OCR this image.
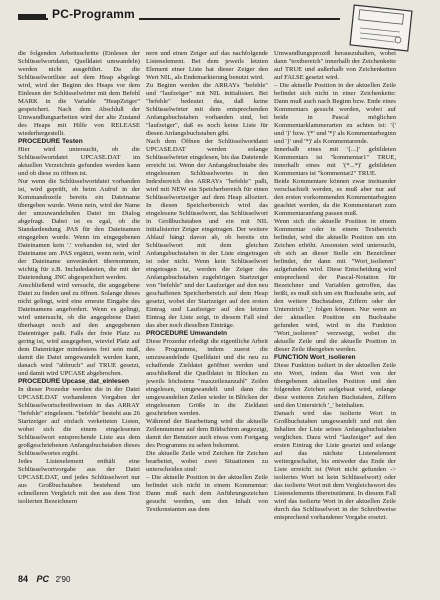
PC-Programm

die folgenden Arbeitsschritte (Einlesen der Schlüsselwortdatei, Quelldatei umwandeln) werden nicht ausgeführt. Da die Schlüsselwortliste auf dem Heap abgelegt wird, wird der Beginn des Heaps vor dem Einlesen der Schlüsselwörter mit dem Befehl MARK in die Variable "HeapZeiger" gespeichert. Nach dem Abschluß der Umwandlungsarbeiten wird der alte Zustand des Heaps mit Hilfe von RELEASE wiederhergestellt.

PROCEDURE Testen

Hier wird untersucht, ob die Schlüsselwortdatei UPCASE.DAT im aktuellen Verzeichnis gefunden werden kann und ob diese zu öffnen ist.

Nur wenn die Schlüsselwortdatei vorhanden ist, wird geprüft, ob beim Aufruf in der Kommandozeile bereits ein Dateiname übergeben wurde. Wenn nein, wird der Name der umzuwandelnden Datei im Dialog abgefragt. Dabei ist es egal, ob die Standardendung .PAS für den Dateinamen eingegeben wurde. Wenn im eingegebenen Dateinamen kein '.' vorhanden ist, wird der Dateiname um .PAS ergänzt, wenn nein, wird der Dateiname unverändert übernommen, wichtig für z.B. Includedateien, die mit der Dateiendung .INC abgespeichert werden.

Anschließend wird versucht, die angegebene Datei zu finden und zu öffnen. Solange dieses nicht gelingt, wird eine erneute Eingabe des Dateinamens angefordert. Wenn es gelingt, wird untersucht, ob die angegebene Datei überhaupt noch auf den angegebenen Datenträger paßt. Falls der freie Platz zu gering ist, wird ausgegeben, wieviel Platz auf dem Datenträger mindestens frei sein muß, damit die Datei umgewandelt werden kann, danach wird "abbruch" auf TRUE gesetzt, und damit wird UPCASE abgebrochen.

PROCEDURE Upcase_dat_einlesen

In dieser Prozedur werden die in der Datei UPCASE.DAT vorhandenen Vorgaben der Schlüsselwortschreibweisen in das ARRAY "befehle" eingelesen. "befehle" besteht aus 26 Startzeiger auf einfach verketteten Listen, wobei sich die einem eingelesenen Schlüsselwort entsprechende Liste aus dem großgeschriebenen Anfangsbuchstaben dieses Schlüsselwortes ergibt.

Jedes Listenelement enthält eine Schlüsselwortvorgabe aus der Datei UPCASE.DAT, und jedes Schlüsselwort nur aus Großbuchstaben bestehend um schnelleren Vergleich mit den aus dem Text isolierten Bezeichnern

nern und einen Zeiger auf das nachfolgende Listenelement. Bei dem jeweils letzten Element einer Liste hat dieser Zeiger den Wert NIL, als Endemarkierung benutzt wird.

Zu Beginn werden die ARRAYs "befehle" und "laufzeiger" mit NIL initialisiert. Bei "befehle" bedeutet das, daß keine Schlüsselwörter mit dem entsprechenden Anfangsbuchstaben vorhanden sind, bei "laufzeiger", daß es noch keine Liste für diesen Anfangsbuchstaben gibt.

Nach dem Öffnen der Schlüsselwortdatei UPCASE.DAT werden solange Schlüsselwörter eingelesen, bis das Dateiende erreicht ist. Wenn der Anfangsbuchstabe des eingelesenen Schlüsselwortes in den Indexbereich des ARRAYs "befehle" paßt, wird mit NEW ein Speicherbereich für einen Schlüsselwortzeiger auf dem Heap alloziert. In diesen Speicherbereich wird das eingelesene Schlüsselwort, das Schlüsselwort in Großbuchstaben und ein mit NIL initialisierter Zeiger eingetragen. Der weitere Ablauf hängt davon ab, ob bereits ein Schlüsselwort mit dem gleichen Anfangsbuchstaben in der Liste eingetragen ist oder nicht. Wenn kein Schlüsselwort eingetragen ist, werden die Zeiger des Anfangsbuchstaben zugehörigen Startzeiger von "befehle" und der Laufzeiger auf den neu geschaffenen Speicherbereich auf dem Heap gesetzt, wobei der Startzeiger auf den ersten Eintrag und Laufzeiger auf den letzten Eintrag der Liste zeigt, in diesem Fall sind das aber noch dieselben Einträge.

PROCEDURE Umwandeln

Diese Prozedur erledigt die eigentliche Arbeit des Programms, indem zuerst die umzuwandelnde Quelldatei und die neu zu schaffende Zieldatei geöffnet werden und anschließend die Quelldatei in Blöcken zu jeweils höchstens "maxzeilenanzahl" Zeilen eingelesen, umgewandelt und dann die umgewandelten Zeilen wieder in Blöcken der eingelesenen Größe in die Zieldatei geschrieben werden.

Während der Bearbeitung wird die aktuelle Zeilennummer auf dem Bildschirm angezeigt, damit der Benutzer auch etwas vom Fortgang des Programms zu sehen bekommt.

Die aktuelle Zeile wird Zeichen für Zeichen bearbeitet, wobei zwei Situationen zu unterscheiden sind:

– Die aktuelle Position in der aktuellen Zeile befindet sich nicht in einem Kommentar: Dann muß nach dem Anführungszeichen gesucht werden, um den Inhalt von Textkonstanten aus dem

Umwandlungsprozeß herauszuhalten, wobei dann "textbereich" innerhalb der Zeichenkette auf TRUE und außerhalb von Zeichenketten auf FALSE gesetzt wird.

– Die aktuelle Position in der aktuellen Zeile befindet sich nicht in einer Zeichenkette: Dann muß auch nach Beginn bzw. Ende eines Kommentars gesucht werden, wobei auf beide in Pascal möglichen Kommentarklammerarten zu achten ist: '{' und '}' bzw. '(*' und '*)' als Kommentarbeginn und '}' und '*)' als Kommentarende.

Innerhalb eines mit '{...}' gebildeten Kommentars ist "kommentar1" TRUE, innerhalb eines mit '(*...*)' gebildeten Kommentars ist "kommentar2" TRUE.

Beide Kommentare können zwar ineinander verschachtelt werden, es muß aber nur auf den ersten vorkommenden Kommentarbeginn geachtet werden, da die Kommentarart zum Kommentaranfang passen muß.

Wenn sich die aktuelle Position in einem Kommentar oder in einem Textbereich befindet, wird die aktuelle Position um ein Zeichen erhöht. Ansonsten wird untersucht, ob sich an dieser Stelle ein Bezeichner befindet, der dann mit "Wort_isolieren" aufgefunden wird. Diese Entscheidung wird entsprechend der Pascal-Notation für Bezeichner und Variablen getroffen, das heißt, es muß sich um ein Buchstabe sein, auf den weitere Buchstaben, Ziffern oder der Unterstrich '_' folgen können. Nur wenn an der aktuellen Position ein Buchstabe gefunden wird, wird in die Funktion "Wort_isolieren" verzweigt, wobei die aktuelle Zeile und die aktuelle Position in dieser Zeile übergeben werden.

FUNCTION Wort_isolieren

Diese Funktion isoliert in der aktuellen Zeile ein Wort, indem das Wort von der übergebenen aktuellen Position und den folgenden Zeichen aufgebaut wird, solange diese weiteren Zeichen Buchstaben, Ziffern und den Unterstrich '_' beinhalten.

Danach wird das isolierte Wort in Großbuchstaben umgewandelt und mit den Inhalten der Liste seines Anfangsbuchstaben verglichen. Dazu wird "laufzeiger" auf den ersten Eintrag der Liste gesetzt und solange auf das nächste Listenelement weitergeschaltet, bis entweder das Ende der Liste erreicht ist (Wort nicht gefunden -> isoliertes Wort ist kein Schlüsselwort) oder das isolierte Wort mit dem Vergleichswort des Listenelements übereinstimmt. In diesem Fall wird das isolierte Wort in der aktuellen Zeile durch das Schlüsselwort in der Schreibweise entsprechend vorhandener Vorgabe ersetzt.

84 PC 2'90
